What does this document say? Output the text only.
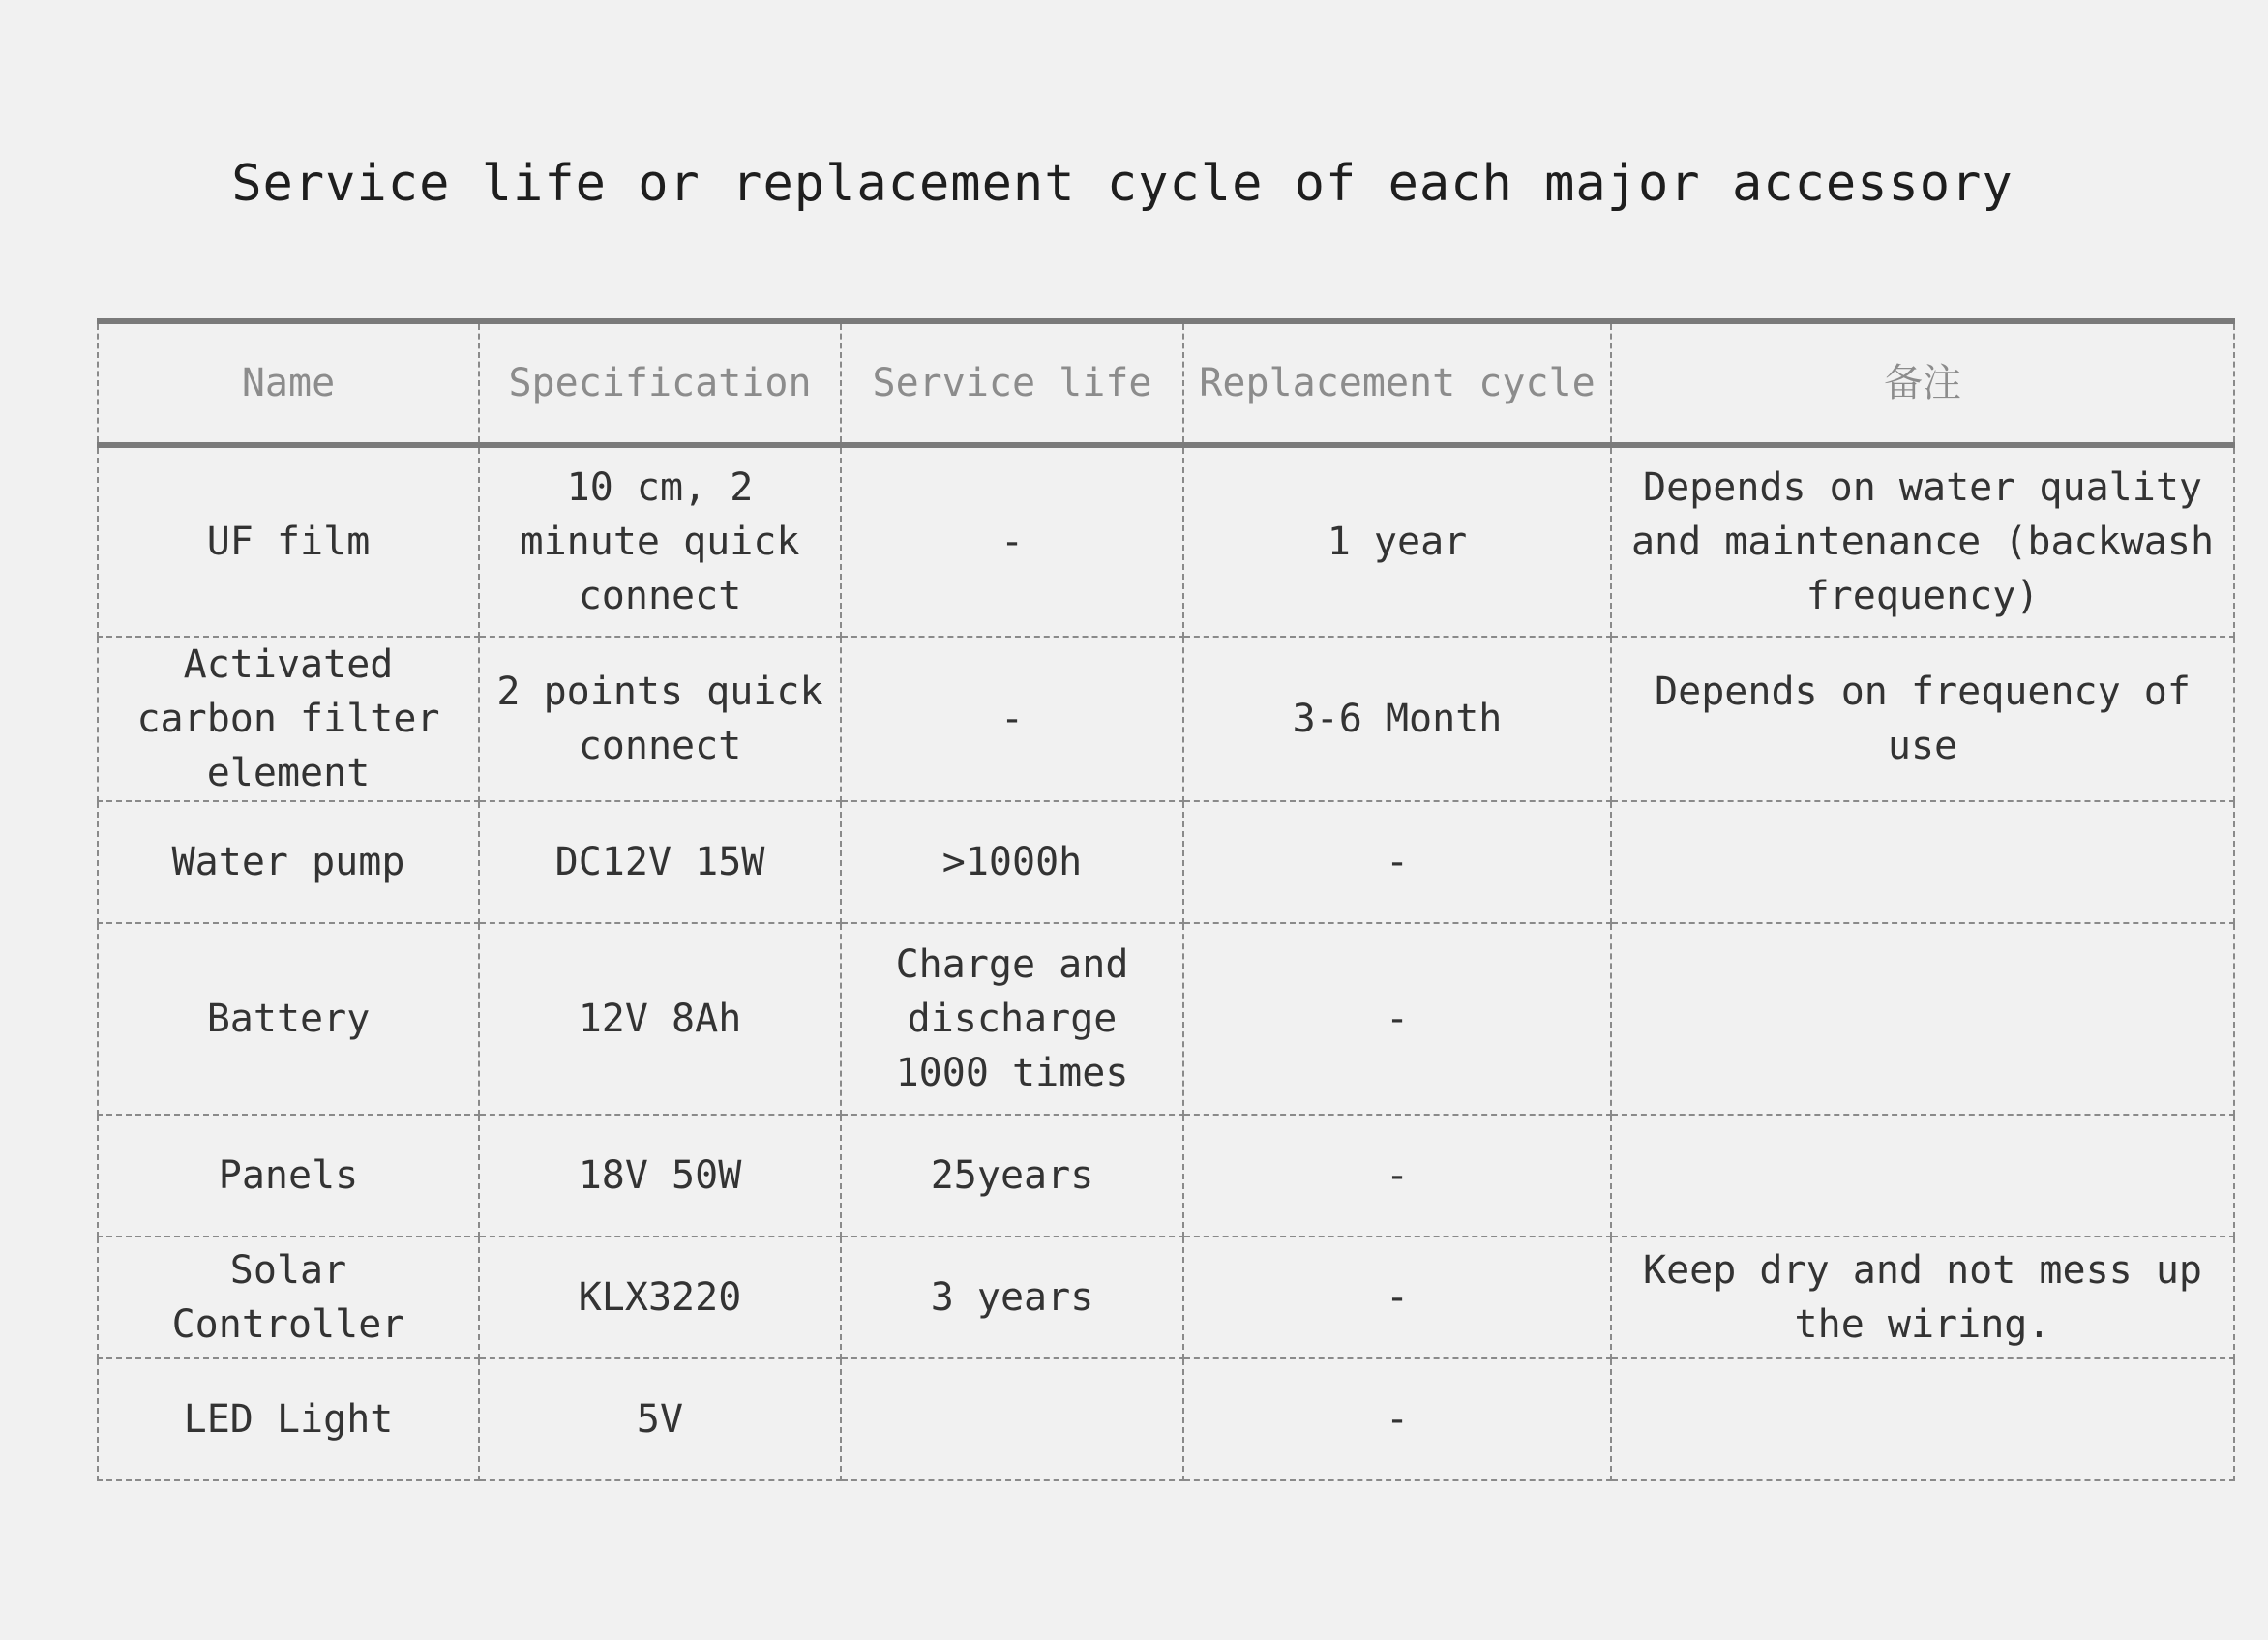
Service life or replacement cycle of each major accessory
Name	Specification	Service life	Replacement cycle	备注
UF film	10 cm, 2 minute quick connect	-	1 year	Depends on water quality and maintenance (backwash frequency)
Activated carbon filter element	2 points quick connect	-	3-6 Month	Depends on frequency of use
Water pump	DC12V 15W	>1000h	-	
Battery	12V 8Ah	Charge and discharge 1000 times	-	
Panels	18V 50W	25years	-	
Solar Controller	KLX3220	3 years	-	Keep dry and not mess up the wiring.
LED Light	5V		-	
